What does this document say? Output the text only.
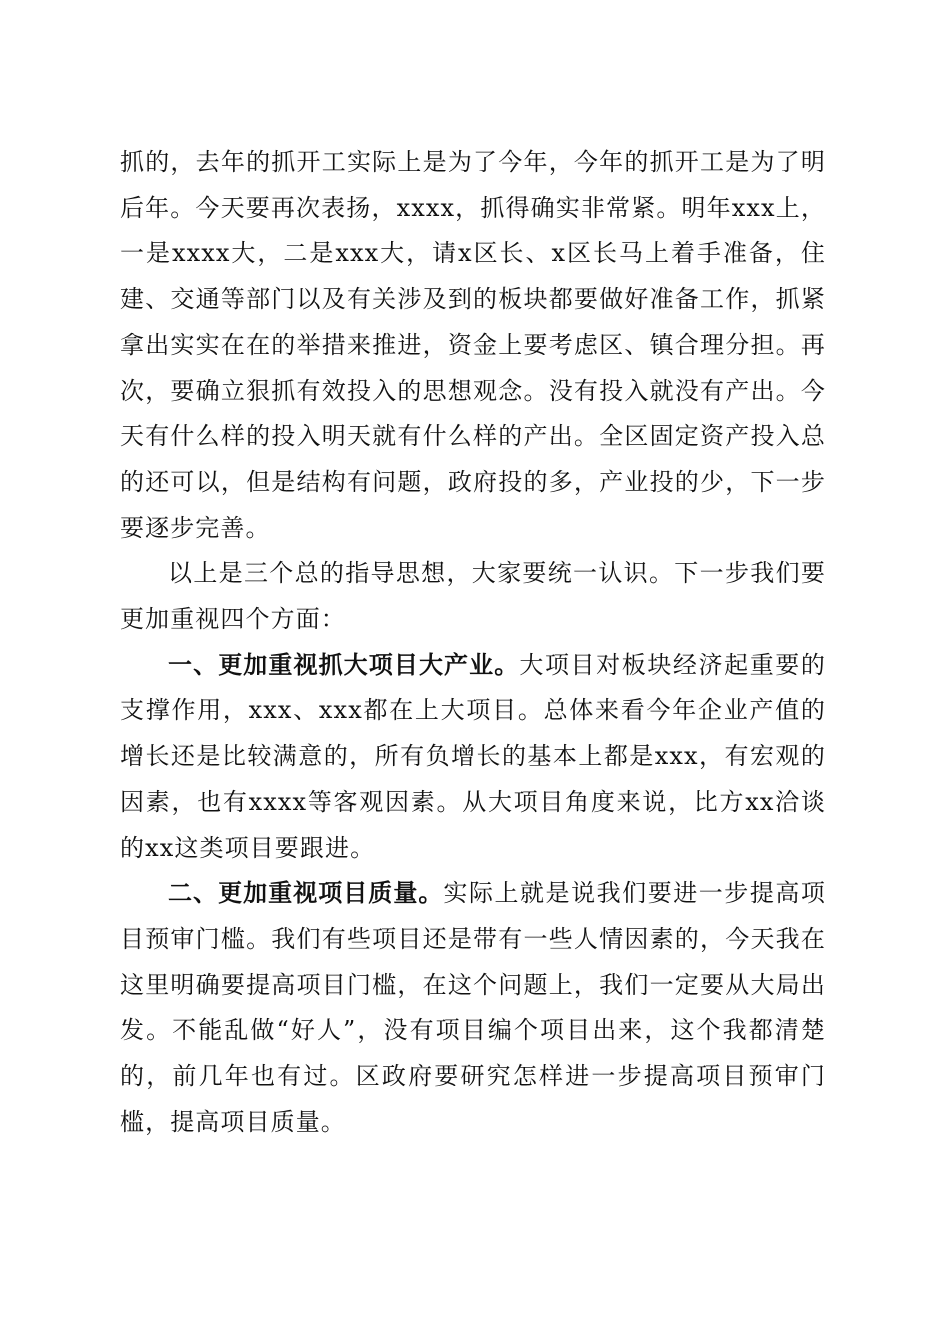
抓的，去年的抓开工实际上是为了今年，今年的抓开工是为了明后年。今天要再次表扬，xxxx，抓得确实非常紧。明年xxx上，一是xxxx大，二是xxx大，请x区长、x区长马上着手准备，住建、交通等部门以及有关涉及到的板块都要做好准备工作，抓紧拿出实实在在的举措来推进，资金上要考虑区、镇合理分担。再次，要确立狠抓有效投入的思想观念。没有投入就没有产出。今天有什么样的投入明天就有什么样的产出。全区固定资产投入总的还可以，但是结构有问题，政府投的多，产业投的少，下一步要逐步完善。

以上是三个总的指导思想，大家要统一认识。下一步我们要更加重视四个方面：

一、更加重视抓大项目大产业。大项目对板块经济起重要的支撑作用，xxx、xxx都在上大项目。总体来看今年企业产值的增长还是比较满意的，所有负增长的基本上都是xxx，有宏观的因素，也有xxxx等客观因素。从大项目角度来说，比方xx洽谈的xx这类项目要跟进。

二、更加重视项目质量。实际上就是说我们要进一步提高项目预审门槛。我们有些项目还是带有一些人情因素的，今天我在这里明确要提高项目门槛，在这个问题上，我们一定要从大局出发。不能乱做“好人”，没有项目编个项目出来，这个我都清楚的，前几年也有过。区政府要研究怎样进一步提高项目预审门槛，提高项目质量。
